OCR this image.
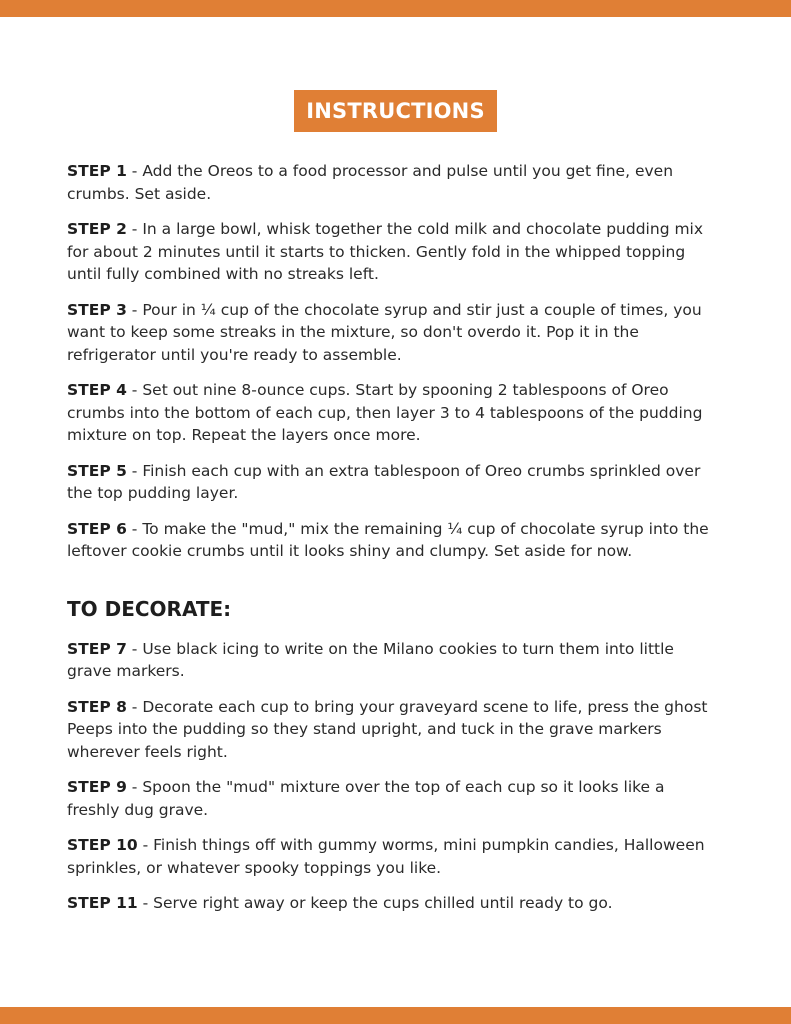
INSTRUCTIONS

STEP 1 - Add the Oreos to a food processor and pulse until you get fine, even crumbs. Set aside.

STEP 2 - In a large bowl, whisk together the cold milk and chocolate pudding mix for about 2 minutes until it starts to thicken. Gently fold in the whipped topping until fully combined with no streaks left.

STEP 3 - Pour in ¼ cup of the chocolate syrup and stir just a couple of times, you want to keep some streaks in the mixture, so don't overdo it. Pop it in the refrigerator until you're ready to assemble.

STEP 4 - Set out nine 8-ounce cups. Start by spooning 2 tablespoons of Oreo crumbs into the bottom of each cup, then layer 3 to 4 tablespoons of the pudding mixture on top. Repeat the layers once more.

STEP 5 - Finish each cup with an extra tablespoon of Oreo crumbs sprinkled over the top pudding layer.

STEP 6 - To make the "mud," mix the remaining ¼ cup of chocolate syrup into the leftover cookie crumbs until it looks shiny and clumpy. Set aside for now.

TO DECORATE:

STEP 7 - Use black icing to write on the Milano cookies to turn them into little grave markers.

STEP 8 - Decorate each cup to bring your graveyard scene to life, press the ghost Peeps into the pudding so they stand upright, and tuck in the grave markers wherever feels right.

STEP 9 - Spoon the "mud" mixture over the top of each cup so it looks like a freshly dug grave.

STEP 10 - Finish things off with gummy worms, mini pumpkin candies, Halloween sprinkles, or whatever spooky toppings you like.

STEP 11 - Serve right away or keep the cups chilled until ready to go.
